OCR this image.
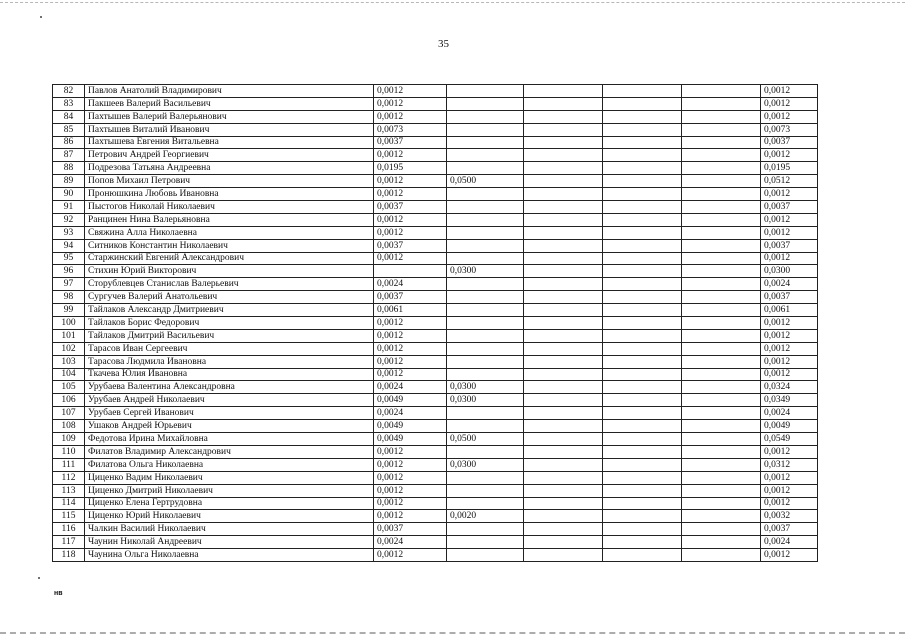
35
82	Павлов Анатолий Владимирович	0,0012					0,0012
83	Пакшеев Валерий Васильевич	0,0012					0,0012
84	Пахтышев Валерий Валерьянович	0,0012					0,0012
85	Пахтышев Виталий Иванович	0,0073					0,0073
86	Пахтышева Евгения Витальевна	0,0037					0,0037
87	Петрович Андрей Георгиевич	0,0012					0,0012
88	Подрезова Татьяна Андреевна	0,0195					0,0195
89	Попов Михаил Петрович	0,0012	0,0500				0,0512
90	Пронюшкина Любовь Ивановна	0,0012					0,0012
91	Пыстогов Николай Николаевич	0,0037					0,0037
92	Ранцинен Нина Валерьяновна	0,0012					0,0012
93	Свяжина Алла Николаевна	0,0012					0,0012
94	Ситников Константин Николаевич	0,0037					0,0037
95	Старжинский Евгений Александрович	0,0012					0,0012
96	Стихин Юрий Викторович		0,0300				0,0300
97	Сторублевцев Станислав Валерьевич	0,0024					0,0024
98	Сургучев Валерий Анатольевич	0,0037					0,0037
99	Тайлаков Александр Дмитриевич	0,0061					0,0061
100	Тайлаков Борис Федорович	0,0012					0,0012
101	Тайлаков Дмитрий Васильевич	0,0012					0,0012
102	Тарасов Иван Сергеевич	0,0012					0,0012
103	Тарасова Людмила Ивановна	0,0012					0,0012
104	Ткачева Юлия Ивановна	0,0012					0,0012
105	Урубаева Валентина Александровна	0,0024	0,0300				0,0324
106	Урубаев Андрей Николаевич	0,0049	0,0300				0,0349
107	Урубаев Сергей Иванович	0,0024					0,0024
108	Ушаков Андрей Юрьевич	0,0049					0,0049
109	Федотова Ирина Михайловна	0,0049	0,0500				0,0549
110	Филатов Владимир Александрович	0,0012					0,0012
111	Филатова Ольга Николаевна	0,0012	0,0300				0,0312
112	Циценко Вадим Николаевич	0,0012					0,0012
113	Циценко Дмитрий Николаевич	0,0012					0,0012
114	Циценко Елена Гертрудовна	0,0012					0,0012
115	Циценко Юрий Николаевич	0,0012	0,0020				0,0032
116	Чалкин Василий Николаевич	0,0037					0,0037
117	Чаунин Николай Андреевич	0,0024					0,0024
118	Чаунина Ольга Николаевна	0,0012					0,0012
нв
